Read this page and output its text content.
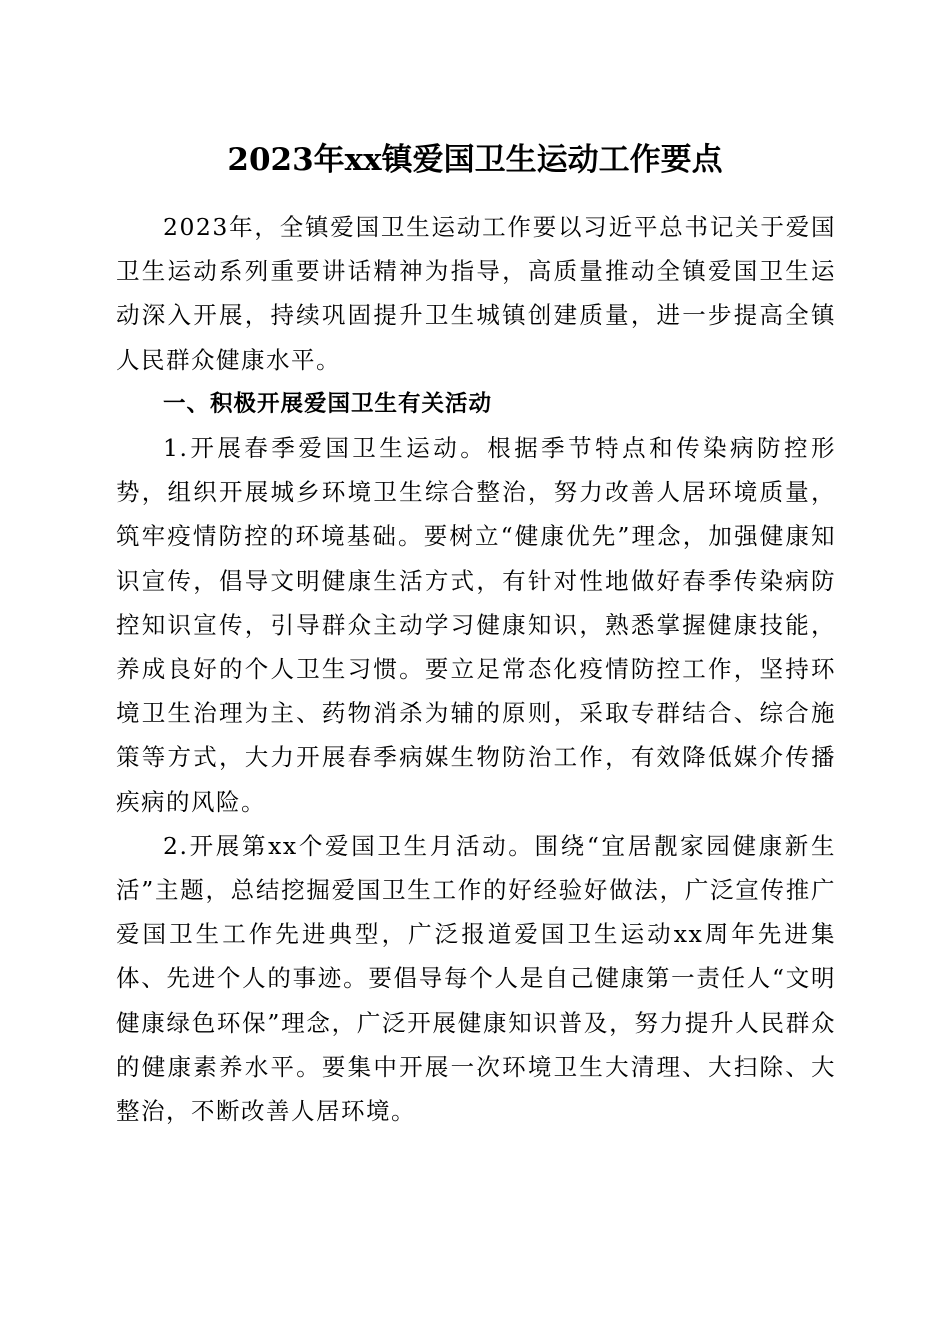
2023年xx镇爱国卫生运动工作要点

2023年，全镇爱国卫生运动工作要以习近平总书记关于爱国卫生运动系列重要讲话精神为指导，高质量推动全镇爱国卫生运动深入开展，持续巩固提升卫生城镇创建质量，进一步提高全镇人民群众健康水平。

一、积极开展爱国卫生有关活动

1.开展春季爱国卫生运动。根据季节特点和传染病防控形势，组织开展城乡环境卫生综合整治，努力改善人居环境质量，筑牢疫情防控的环境基础。要树立“健康优先”理念，加强健康知识宣传，倡导文明健康生活方式，有针对性地做好春季传染病防控知识宣传，引导群众主动学习健康知识，熟悉掌握健康技能，养成良好的个人卫生习惯。要立足常态化疫情防控工作，坚持环境卫生治理为主、药物消杀为辅的原则，采取专群结合、综合施策等方式，大力开展春季病媒生物防治工作，有效降低媒介传播疾病的风险。

2.开展第xx个爱国卫生月活动。围绕“宜居靓家园健康新生活”主题，总结挖掘爱国卫生工作的好经验好做法，广泛宣传推广爱国卫生工作先进典型，广泛报道爱国卫生运动xx周年先进集体、先进个人的事迹。要倡导每个人是自己健康第一责任人“文明健康绿色环保”理念，广泛开展健康知识普及，努力提升人民群众的健康素养水平。要集中开展一次环境卫生大清理、大扫除、大整治，不断改善人居环境。
